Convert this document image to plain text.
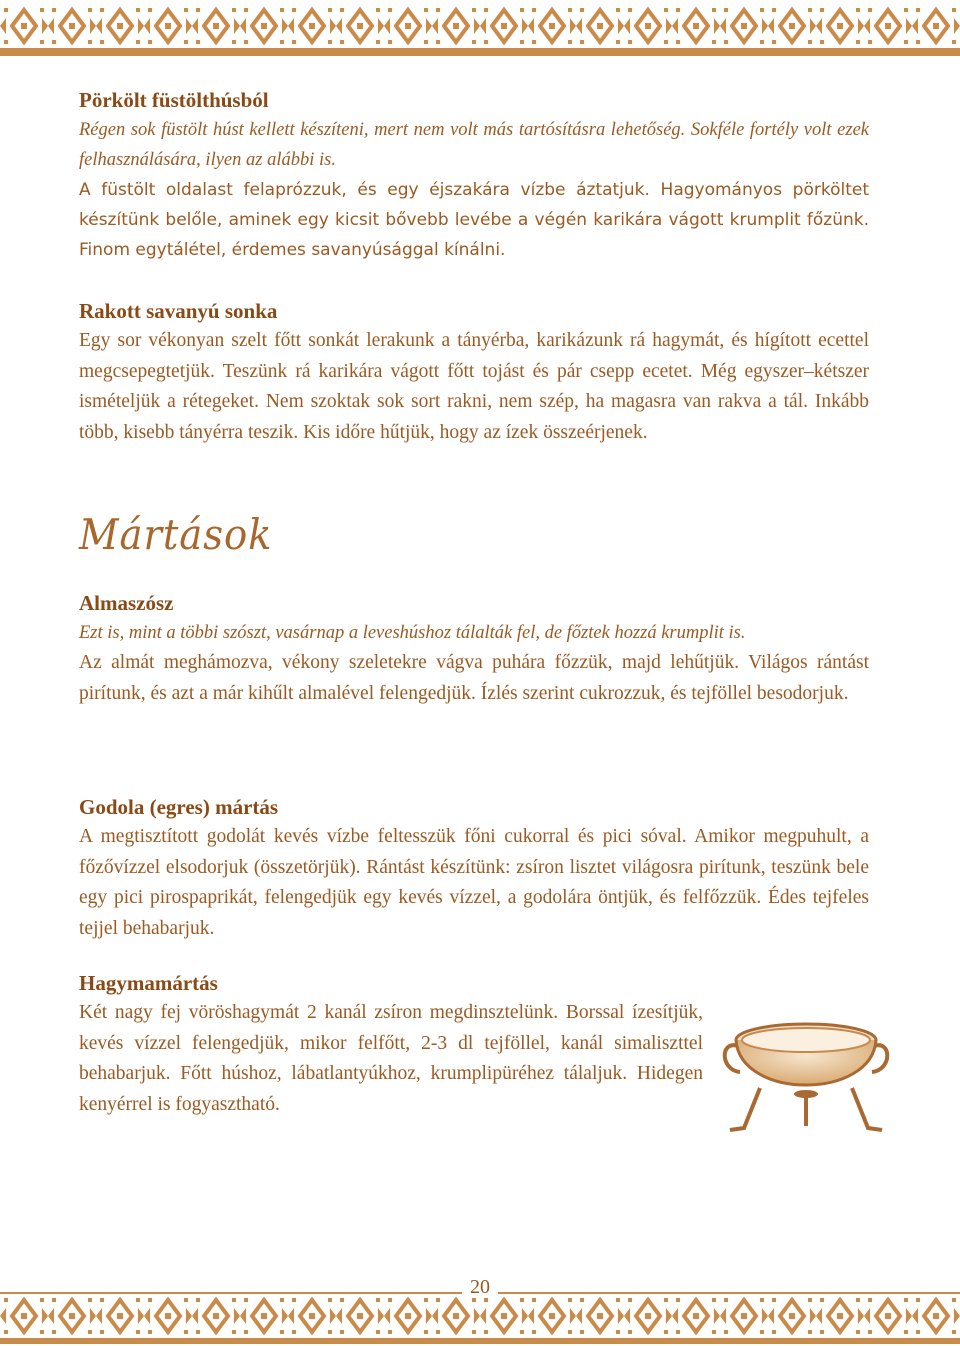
Pörkölt füstölthúsból

Régen sok füstölt húst kellett készíteni, mert nem volt más tartósításra lehetőség. Sokféle fortély volt ezek felhasználására, ilyen az alábbi is.

A füstölt oldalast felaprózzuk, és egy éjszakára vízbe áztatjuk. Hagyományos pörköltet készítünk belőle, aminek egy kicsit bővebb levébe a végén karikára vágott krumplit főzünk. Finom egytálétel, érdemes savanyúsággal kínálni.

Rakott savanyú sonka

Egy sor vékonyan szelt főtt sonkát lerakunk a tányérba, karikázunk rá hagymát, és hígított ecettel megcsepegtetjük. Teszünk rá karikára vágott főtt tojást és pár csepp ecetet. Még egyszer–kétszer ismételjük a rétegeket. Nem szoktak sok sort rakni, nem szép, ha magasra van rakva a tál. Inkább több, kisebb tányérra teszik. Kis időre hűtjük, hogy az ízek összeérjenek.

Mártások
Almaszósz

Ezt is, mint a többi szószt, vasárnap a leveshúshoz tálalták fel, de főztek hozzá krumplit is.

Az almát meghámozva, vékony szeletekre vágva puhára főzzük, majd lehűtjük. Világos rántást pirítunk, és azt a már kihűlt almalével felengedjük. Ízlés szerint cukrozzuk, és tejföllel besodorjuk.

Godola (egres) mártás

A megtisztított godolát kevés vízbe feltesszük főni cukorral és pici sóval. Amikor megpuhult, a főzővízzel elsodorjuk (összetörjük). Rántást készítünk: zsíron lisztet világosra pirítunk, teszünk bele egy pici pirospaprikát, felengedjük egy kevés vízzel, a godolára öntjük, és felfőzzük. Édes tejfeles tejjel behabarjuk.

Hagymamártás

Két nagy fej vöröshagymát 2 kanál zsíron megdinsztelünk. Borssal ízesítjük, kevés vízzel felengedjük, mikor felfőtt, 2-3 dl tejföllel, kanál simaliszttel behabarjuk. Főtt húshoz, lábatlantyúkhoz, krumplipüréhez tálaljuk. Hidegen kenyérrel is fogyasztható.

20
